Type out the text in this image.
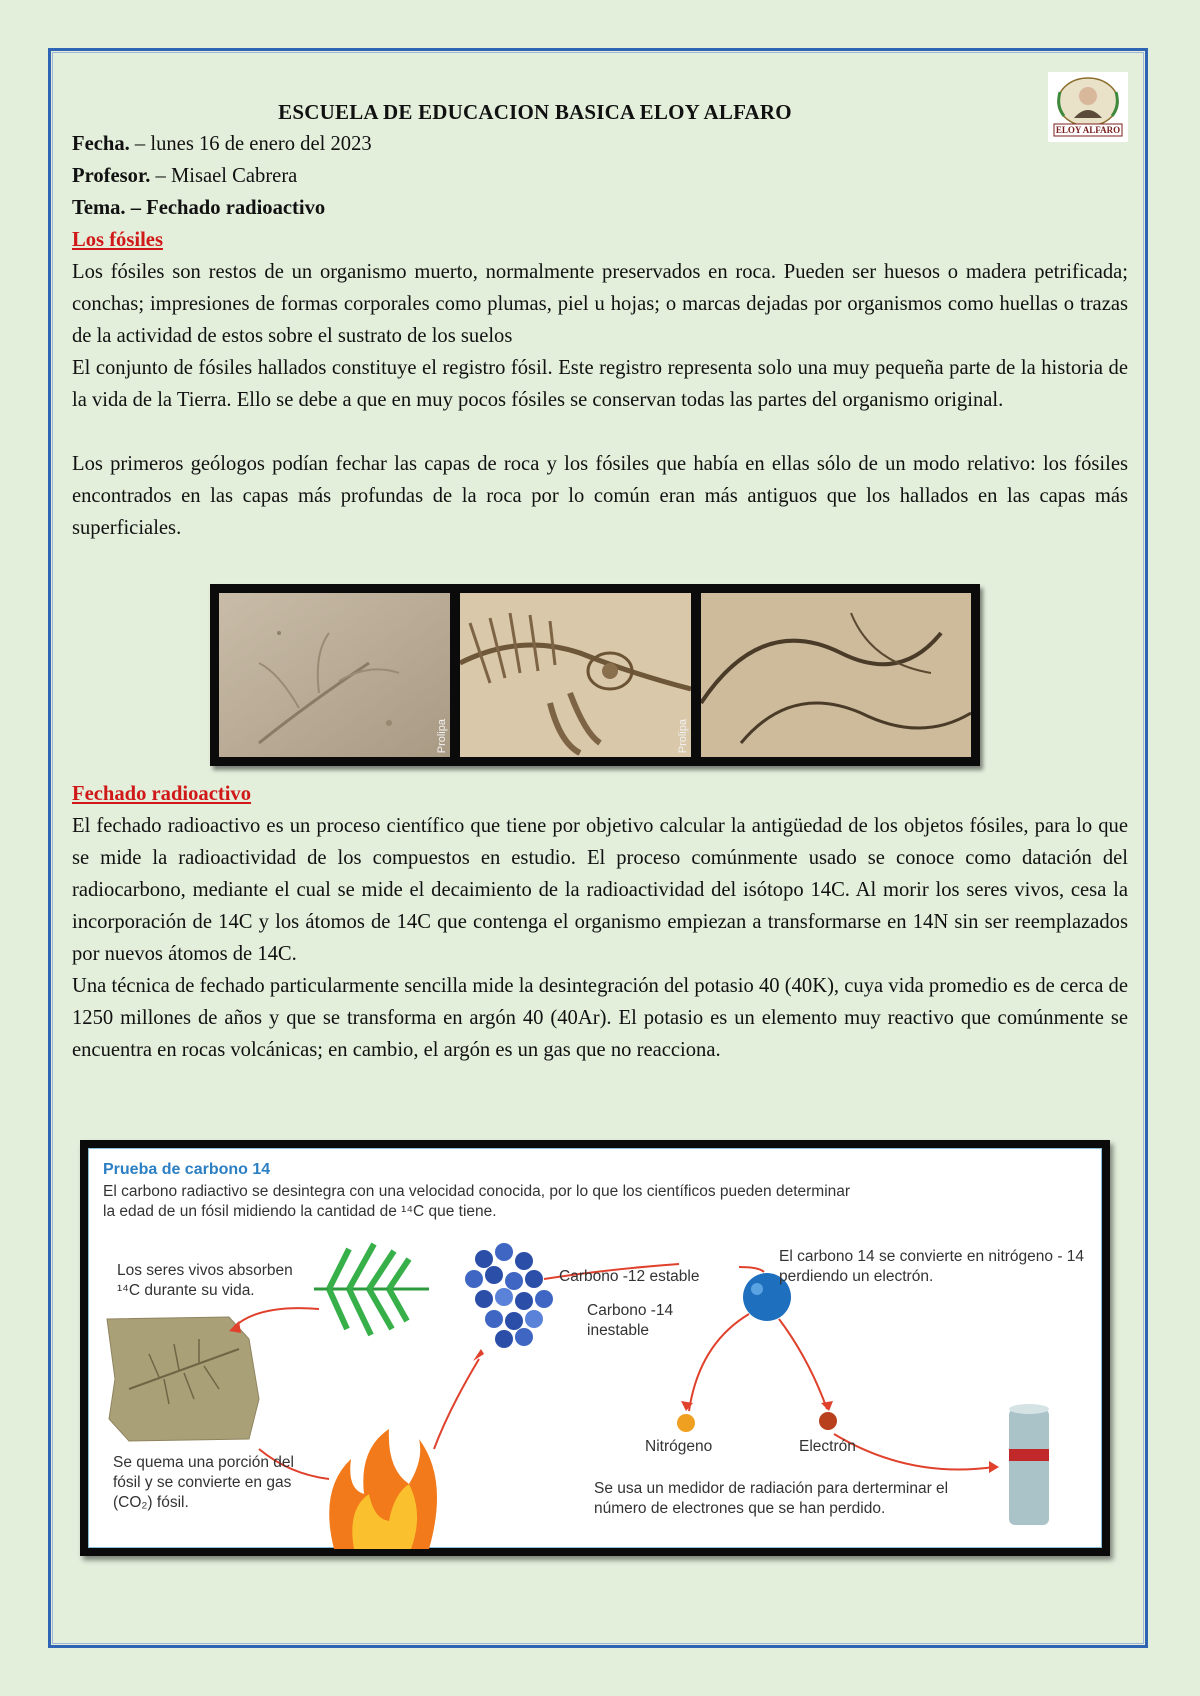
ELOY ALFARO

ESCUELA DE EDUCACION BASICA ELOY ALFARO

Fecha. – lunes 16 de enero del 2023

Profesor. – Misael Cabrera

Tema. – Fechado radioactivo

Los fósiles

Los fósiles son restos de un organismo muerto, normalmente preservados en roca. Pueden ser huesos o madera petrificada; conchas; impresiones de formas corporales como plumas, piel u hojas; o marcas dejadas por organismos como huellas o trazas de la actividad de estos sobre el sustrato de los suelos

El conjunto de fósiles hallados constituye el registro fósil. Este registro representa solo una muy pequeña parte de la historia de la vida de la Tierra. Ello se debe a que en muy pocos fósiles se conservan todas las partes del organismo original.

Los primeros geólogos podían fechar las capas de roca y los fósiles que había en ellas sólo de un modo relativo: los fósiles encontrados en las capas más profundas de la roca por lo común eran más antiguos que los hallados en las capas más superficiales.

Fechado radioactivo

El fechado radioactivo es un proceso científico que tiene por objetivo calcular la antigüedad de los objetos fósiles, para lo que se mide la radioactividad de los compuestos en estudio. El proceso comúnmente usado se conoce como datación del radiocarbono, mediante el cual se mide el decaimiento de la radioactividad del isótopo 14C. Al morir los seres vivos, cesa la incorporación de 14C y los átomos de 14C que contenga el organismo empiezan a transformarse en 14N sin ser reemplazados por nuevos átomos de 14C.

Una técnica de fechado particularmente sencilla mide la desintegración del potasio 40 (40K), cuya vida promedio es de cerca de 1250 millones de años y que se transforma en argón 40 (40Ar). El potasio es un elemento muy reactivo que comúnmente se encuentra en rocas volcánicas; en cambio, el argón es un gas que no reacciona.

Prolipa	Prolipa
Prueba de carbono 14
El carbono radiactivo se desintegra con una velocidad conocida, por lo que los científicos pueden determinar la edad de un fósil midiendo la cantidad de ¹⁴C que tiene.
Los seres vivos absorben ¹⁴C durante su vida.
Carbono -12 estable
Carbono -14 inestable
El carbono 14 se convierte en nitrógeno - 14 perdiendo un electrón.
Nitrógeno	Electrón
Se quema una porción del fósil y se convierte en gas (CO₂) fósil.
Se usa un medidor de radiación para derterminar el número de electrones que se han perdido.
